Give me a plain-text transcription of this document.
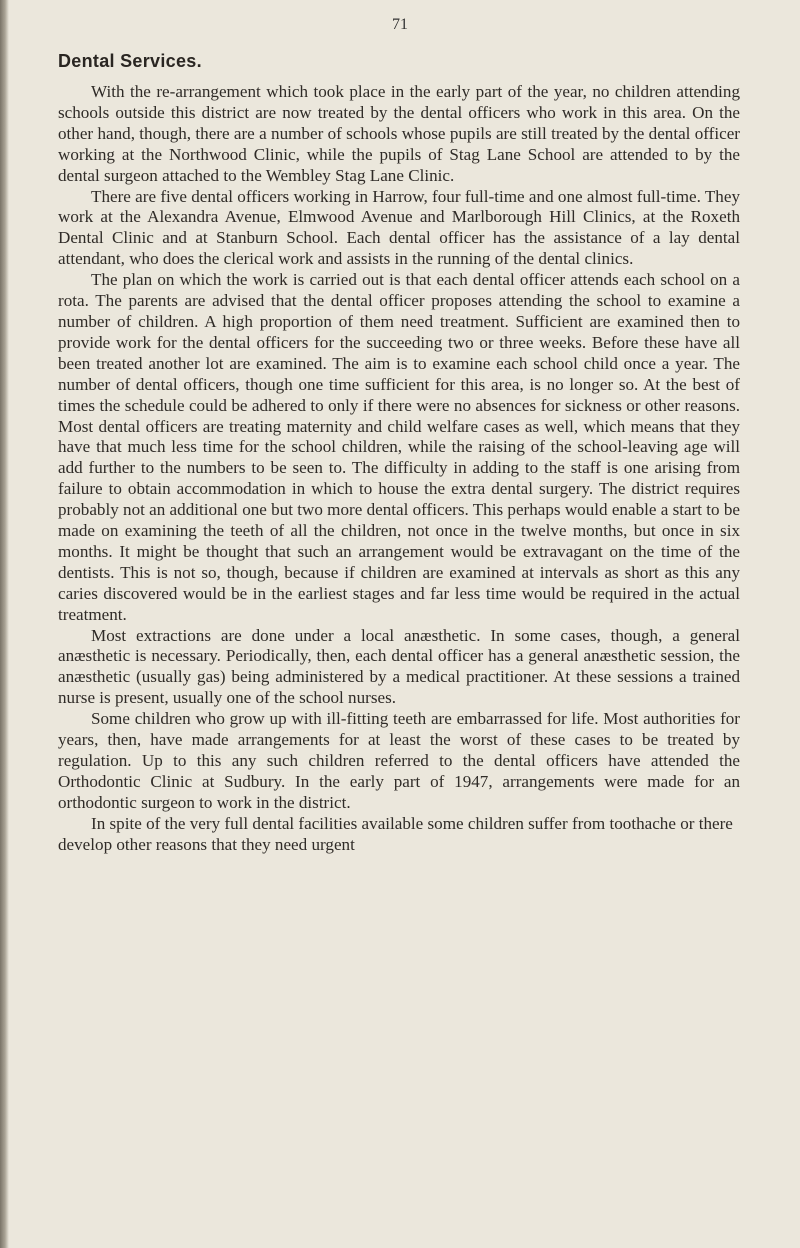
71
Dental Services.

With the re-arrangement which took place in the early part of the year, no children attending schools outside this district are now treated by the dental officers who work in this area. On the other hand, though, there are a number of schools whose pupils are still treated by the dental officer working at the Northwood Clinic, while the pupils of Stag Lane School are attended to by the dental surgeon attached to the Wembley Stag Lane Clinic.

There are five dental officers working in Harrow, four full-time and one almost full-time. They work at the Alexandra Avenue, Elmwood Avenue and Marlborough Hill Clinics, at the Roxeth Dental Clinic and at Stanburn School. Each dental officer has the assistance of a lay dental attendant, who does the clerical work and assists in the running of the dental clinics.

The plan on which the work is carried out is that each dental officer attends each school on a rota. The parents are advised that the dental officer proposes attending the school to examine a number of children. A high proportion of them need treatment. Sufficient are examined then to provide work for the dental officers for the succeeding two or three weeks. Before these have all been treated another lot are examined. The aim is to examine each school child once a year. The number of dental officers, though one time sufficient for this area, is no longer so. At the best of times the schedule could be adhered to only if there were no absences for sickness or other reasons. Most dental officers are treating maternity and child welfare cases as well, which means that they have that much less time for the school children, while the raising of the school-leaving age will add further to the numbers to be seen to. The difficulty in adding to the staff is one arising from failure to obtain accommodation in which to house the extra dental surgery. The district requires probably not an additional one but two more dental officers. This perhaps would enable a start to be made on examining the teeth of all the children, not once in the twelve months, but once in six months. It might be thought that such an arrangement would be extravagant on the time of the dentists. This is not so, though, because if children are examined at intervals as short as this any caries discovered would be in the earliest stages and far less time would be required in the actual treatment.

Most extractions are done under a local anæsthetic. In some cases, though, a general anæsthetic is necessary. Periodically, then, each dental officer has a general anæsthetic session, the anæsthetic (usually gas) being administered by a medical practitioner. At these sessions a trained nurse is present, usually one of the school nurses.

Some children who grow up with ill-fitting teeth are embarrassed for life. Most authorities for years, then, have made arrangements for at least the worst of these cases to be treated by regulation. Up to this any such children referred to the dental officers have attended the Orthodontic Clinic at Sudbury. In the early part of 1947, arrangements were made for an orthodontic surgeon to work in the district.

In spite of the very full dental facilities available some children suffer from toothache or there develop other reasons that they need urgent
